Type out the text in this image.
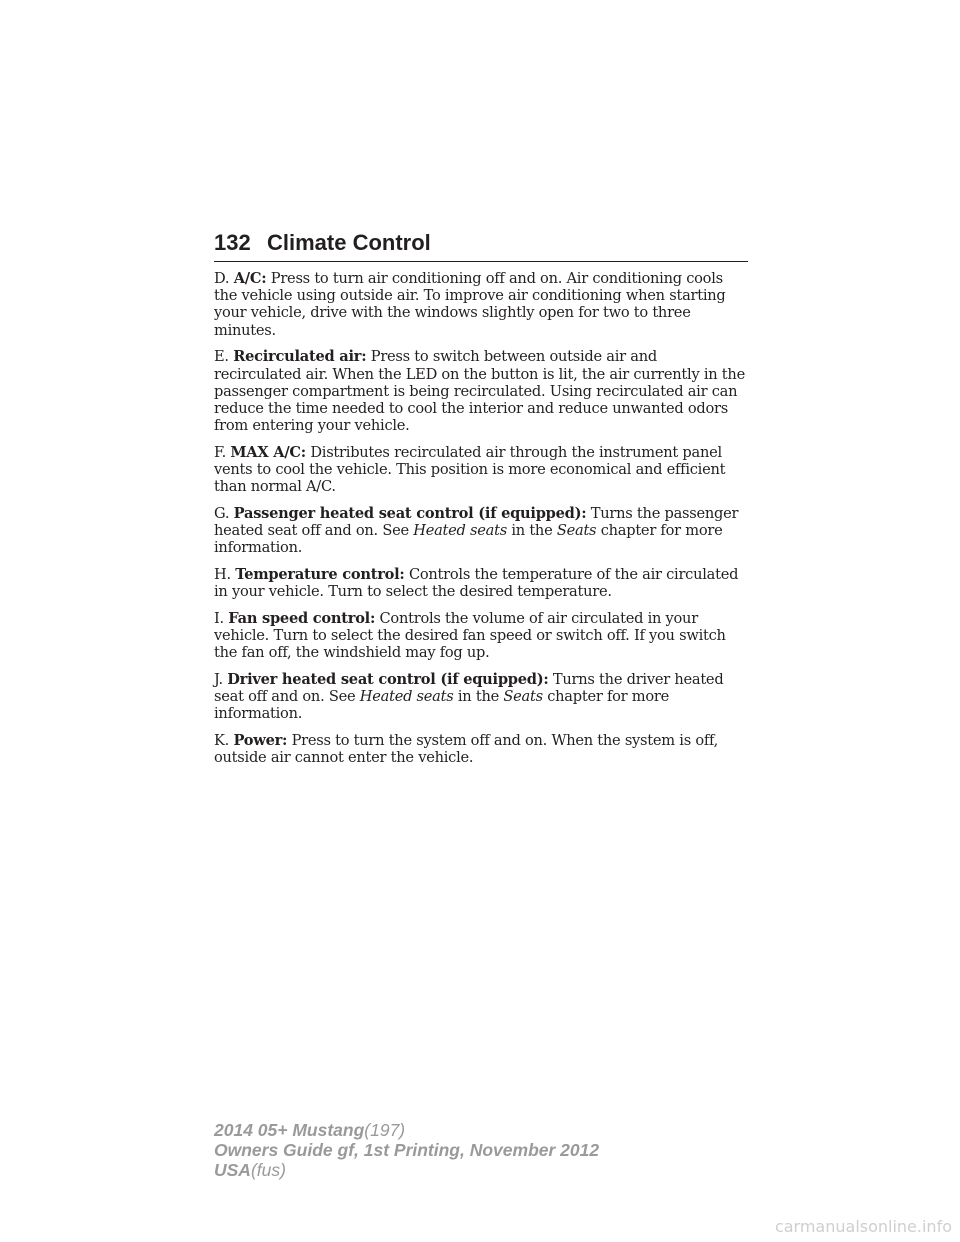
132 Climate Control

D. A/C: Press to turn air conditioning off and on. Air conditioning cools the vehicle using outside air. To improve air conditioning when starting your vehicle, drive with the windows slightly open for two to three minutes.

E. Recirculated air: Press to switch between outside air and recirculated air. When the LED on the button is lit, the air currently in the passenger compartment is being recirculated. Using recirculated air can reduce the time needed to cool the interior and reduce unwanted odors from entering your vehicle.

F. MAX A/C: Distributes recirculated air through the instrument panel vents to cool the vehicle. This position is more economical and efficient than normal A/C.

G. Passenger heated seat control (if equipped): Turns the passenger heated seat off and on. See Heated seats in the Seats chapter for more information.

H. Temperature control: Controls the temperature of the air circulated in your vehicle. Turn to select the desired temperature.

I. Fan speed control: Controls the volume of air circulated in your vehicle. Turn to select the desired fan speed or switch off. If you switch the fan off, the windshield may fog up.

J. Driver heated seat control (if equipped): Turns the driver heated seat off and on. See Heated seats in the Seats chapter for more information.

K. Power: Press to turn the system off and on. When the system is off, outside air cannot enter the vehicle.

2014 05+ Mustang(197)
Owners Guide gf, 1st Printing, November 2012
USA(fus)
carmanualsonline.info
